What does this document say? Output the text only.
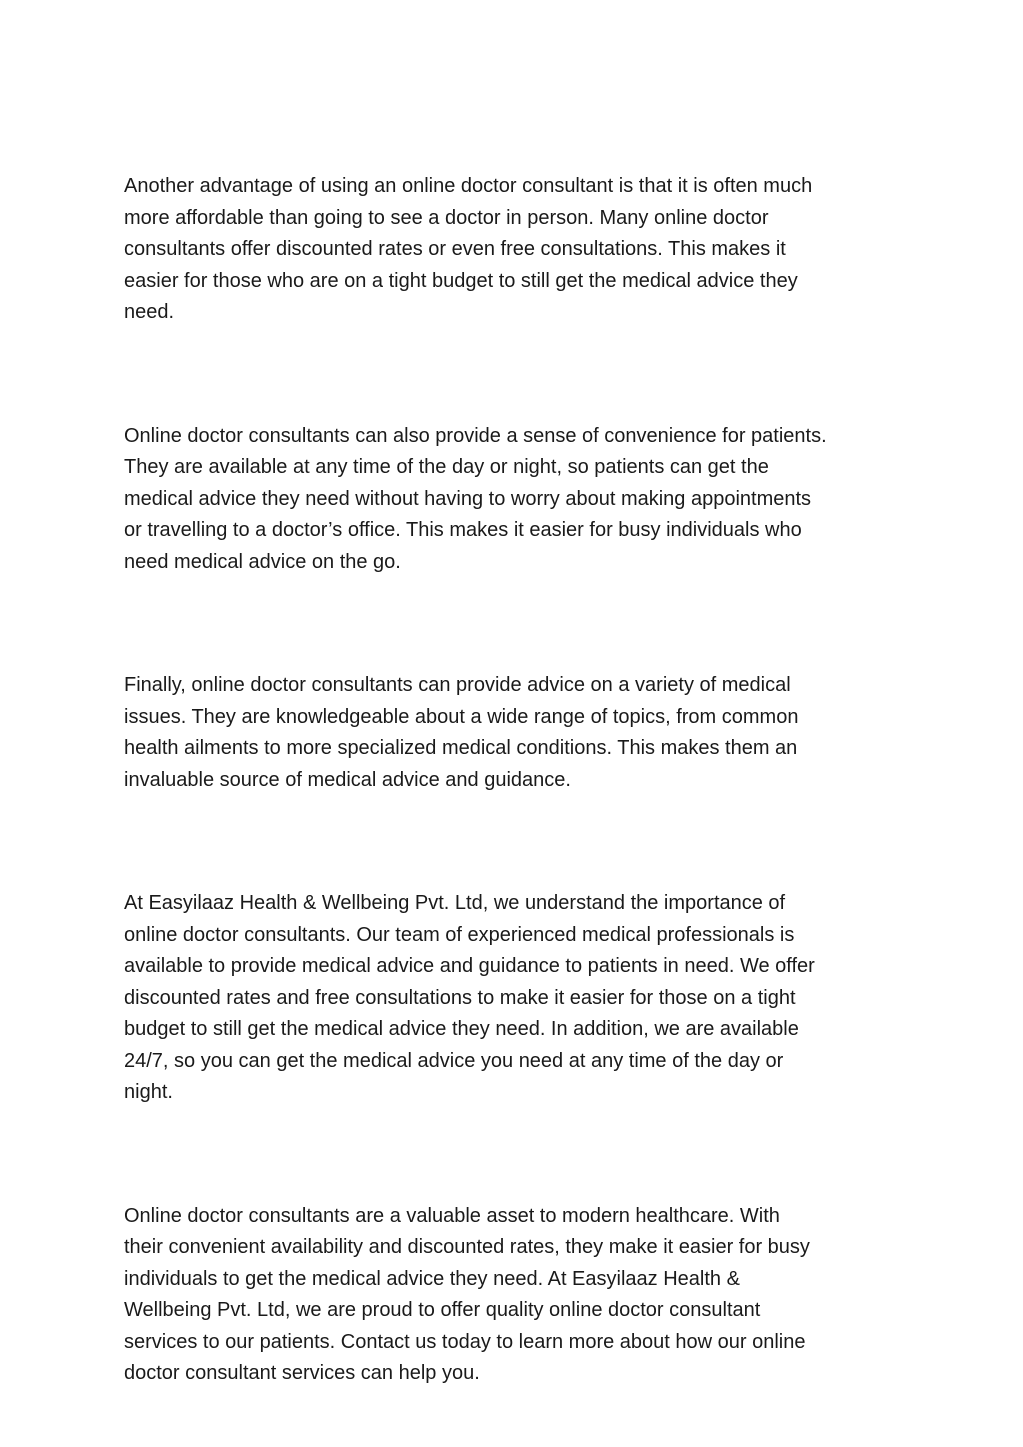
Another advantage of using an online doctor consultant is that it is often much
more affordable than going to see a doctor in person. Many online doctor
consultants offer discounted rates or even free consultations. This makes it
easier for those who are on a tight budget to still get the medical advice they
need.

Online doctor consultants can also provide a sense of convenience for patients.
They are available at any time of the day or night, so patients can get the
medical advice they need without having to worry about making appointments
or travelling to a doctor’s office. This makes it easier for busy individuals who
need medical advice on the go.

Finally, online doctor consultants can provide advice on a variety of medical
issues. They are knowledgeable about a wide range of topics, from common
health ailments to more specialized medical conditions. This makes them an
invaluable source of medical advice and guidance.

At Easyilaaz Health & Wellbeing Pvt. Ltd, we understand the importance of
online doctor consultants. Our team of experienced medical professionals is
available to provide medical advice and guidance to patients in need. We offer
discounted rates and free consultations to make it easier for those on a tight
budget to still get the medical advice they need. In addition, we are available
24/7, so you can get the medical advice you need at any time of the day or
night.

Online doctor consultants are a valuable asset to modern healthcare. With
their convenient availability and discounted rates, they make it easier for busy
individuals to get the medical advice they need. At Easyilaaz Health &
Wellbeing Pvt. Ltd, we are proud to offer quality online doctor consultant
services to our patients. Contact us today to learn more about how our online
doctor consultant services can help you.
